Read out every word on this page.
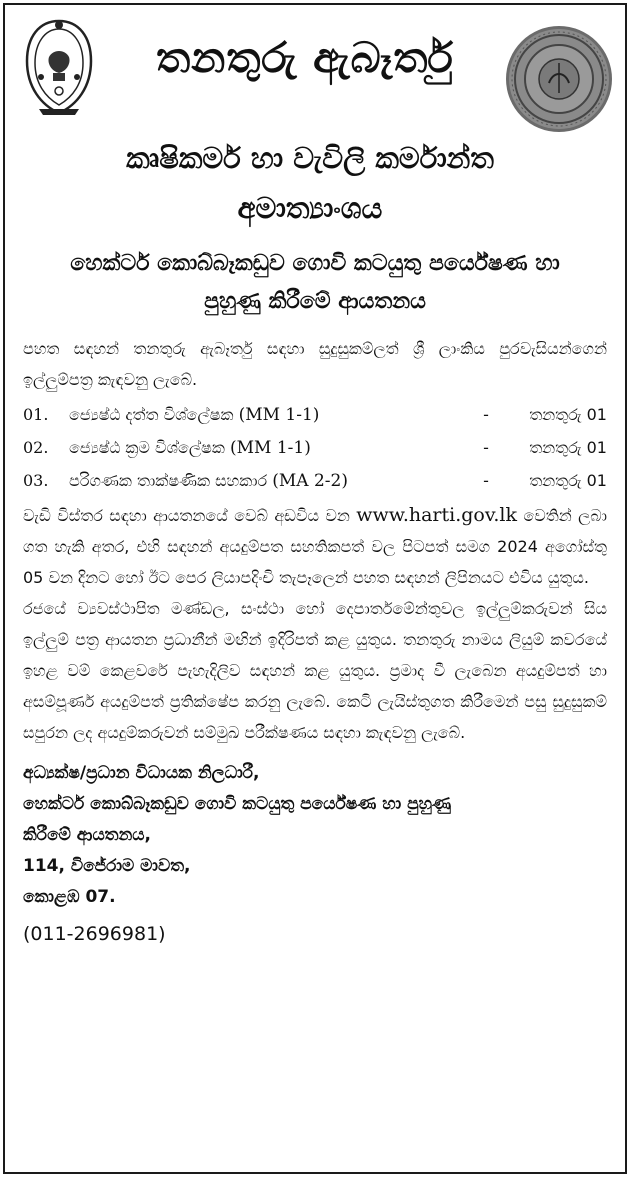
තනතුරු ඇබෑර්තු
කෘෂිකර්ම හා වැවිලි කර්මාන්ත
අමාත්‍යාංශය
හෙක්ටර් කොබ්බෑකඩුව ගොවි කටයුතු පර්යේෂණ හා
පුහුණු කිරීමේ ආයතනය

පහත සඳහන් තනතුරු ඇබෑර්තු සඳහා සුදුසුකම්ලත් ශ්‍රී ලාංකිය පුරවැසියන්ගෙන් ඉල්ලුම්පත්‍ර කැඳවනු ලැබේ.

01.	ජ්‍යෙෂ්ඨ දත්ත විශ්ලේෂක (MM 1-1)	-	තනතුරු 01
02.	ජ්‍යෙෂ්ඨ ක්‍රම විශ්ලේෂක (MM 1-1)	-	තනතුරු 01
03.	පරිගණක තාක්ෂණික සහකාර (MA 2-2)	-	තනතුරු 01

වැඩි විස්තර සඳහා ආයතනයේ වෙබ් අඩවිය වන www.harti.gov.lk වෙතින් ලබා ගත හැකි අතර, එහි සඳහන් අයදුම්පත සහතිකපත් වල පිටපත් සමග 2024 අගෝස්තු 05 වන දිනට හෝ ඊට පෙර ලියාපදිංචි තැපෑලෙන් පහත සඳහන් ලිපිනයට එවිය යුතුය.

රජයේ ව්‍යවස්ථාපිත මණ්ඩල, සංස්ථා හෝ දෙපාර්තමේන්තුවල ඉල්ලුම්කරුවන් සිය ඉල්ලුම් පත්‍ර ආයතන ප්‍රධානීන් මඟින් ඉදිරිපත් කළ යුතුය. තනතුරු නාමය ලියුම් කවරයේ ඉහළ වම් කෙළවරේ පැහැදිලිව සඳහන් කළ යුතුය. ප්‍රමාද වී ලැබෙන අයදුම්පත් හා අසම්පූර්ණ අයදුම්පත් ප්‍රතික්ෂේප කරනු ලැබේ. කෙටි ලැයිස්තුගත කිරීමෙන් පසු සුදුසුකම් සපුරන ලද අයදුම්කරුවන් සම්මුඛ පරීක්ෂණය සඳහා කැඳවනු ලැබේ.

අධ්‍යක්ෂ/ප්‍රධාන විධායක නිලධාරී,
හෙක්ටර් කොබ්බෑකඩුව ගොවි කටයුතු පර්යේෂණ හා පුහුණු
කිරීමේ ආයතනය,
114, විජේරාම මාවත,
කොළඹ 07.
(011-2696981)
